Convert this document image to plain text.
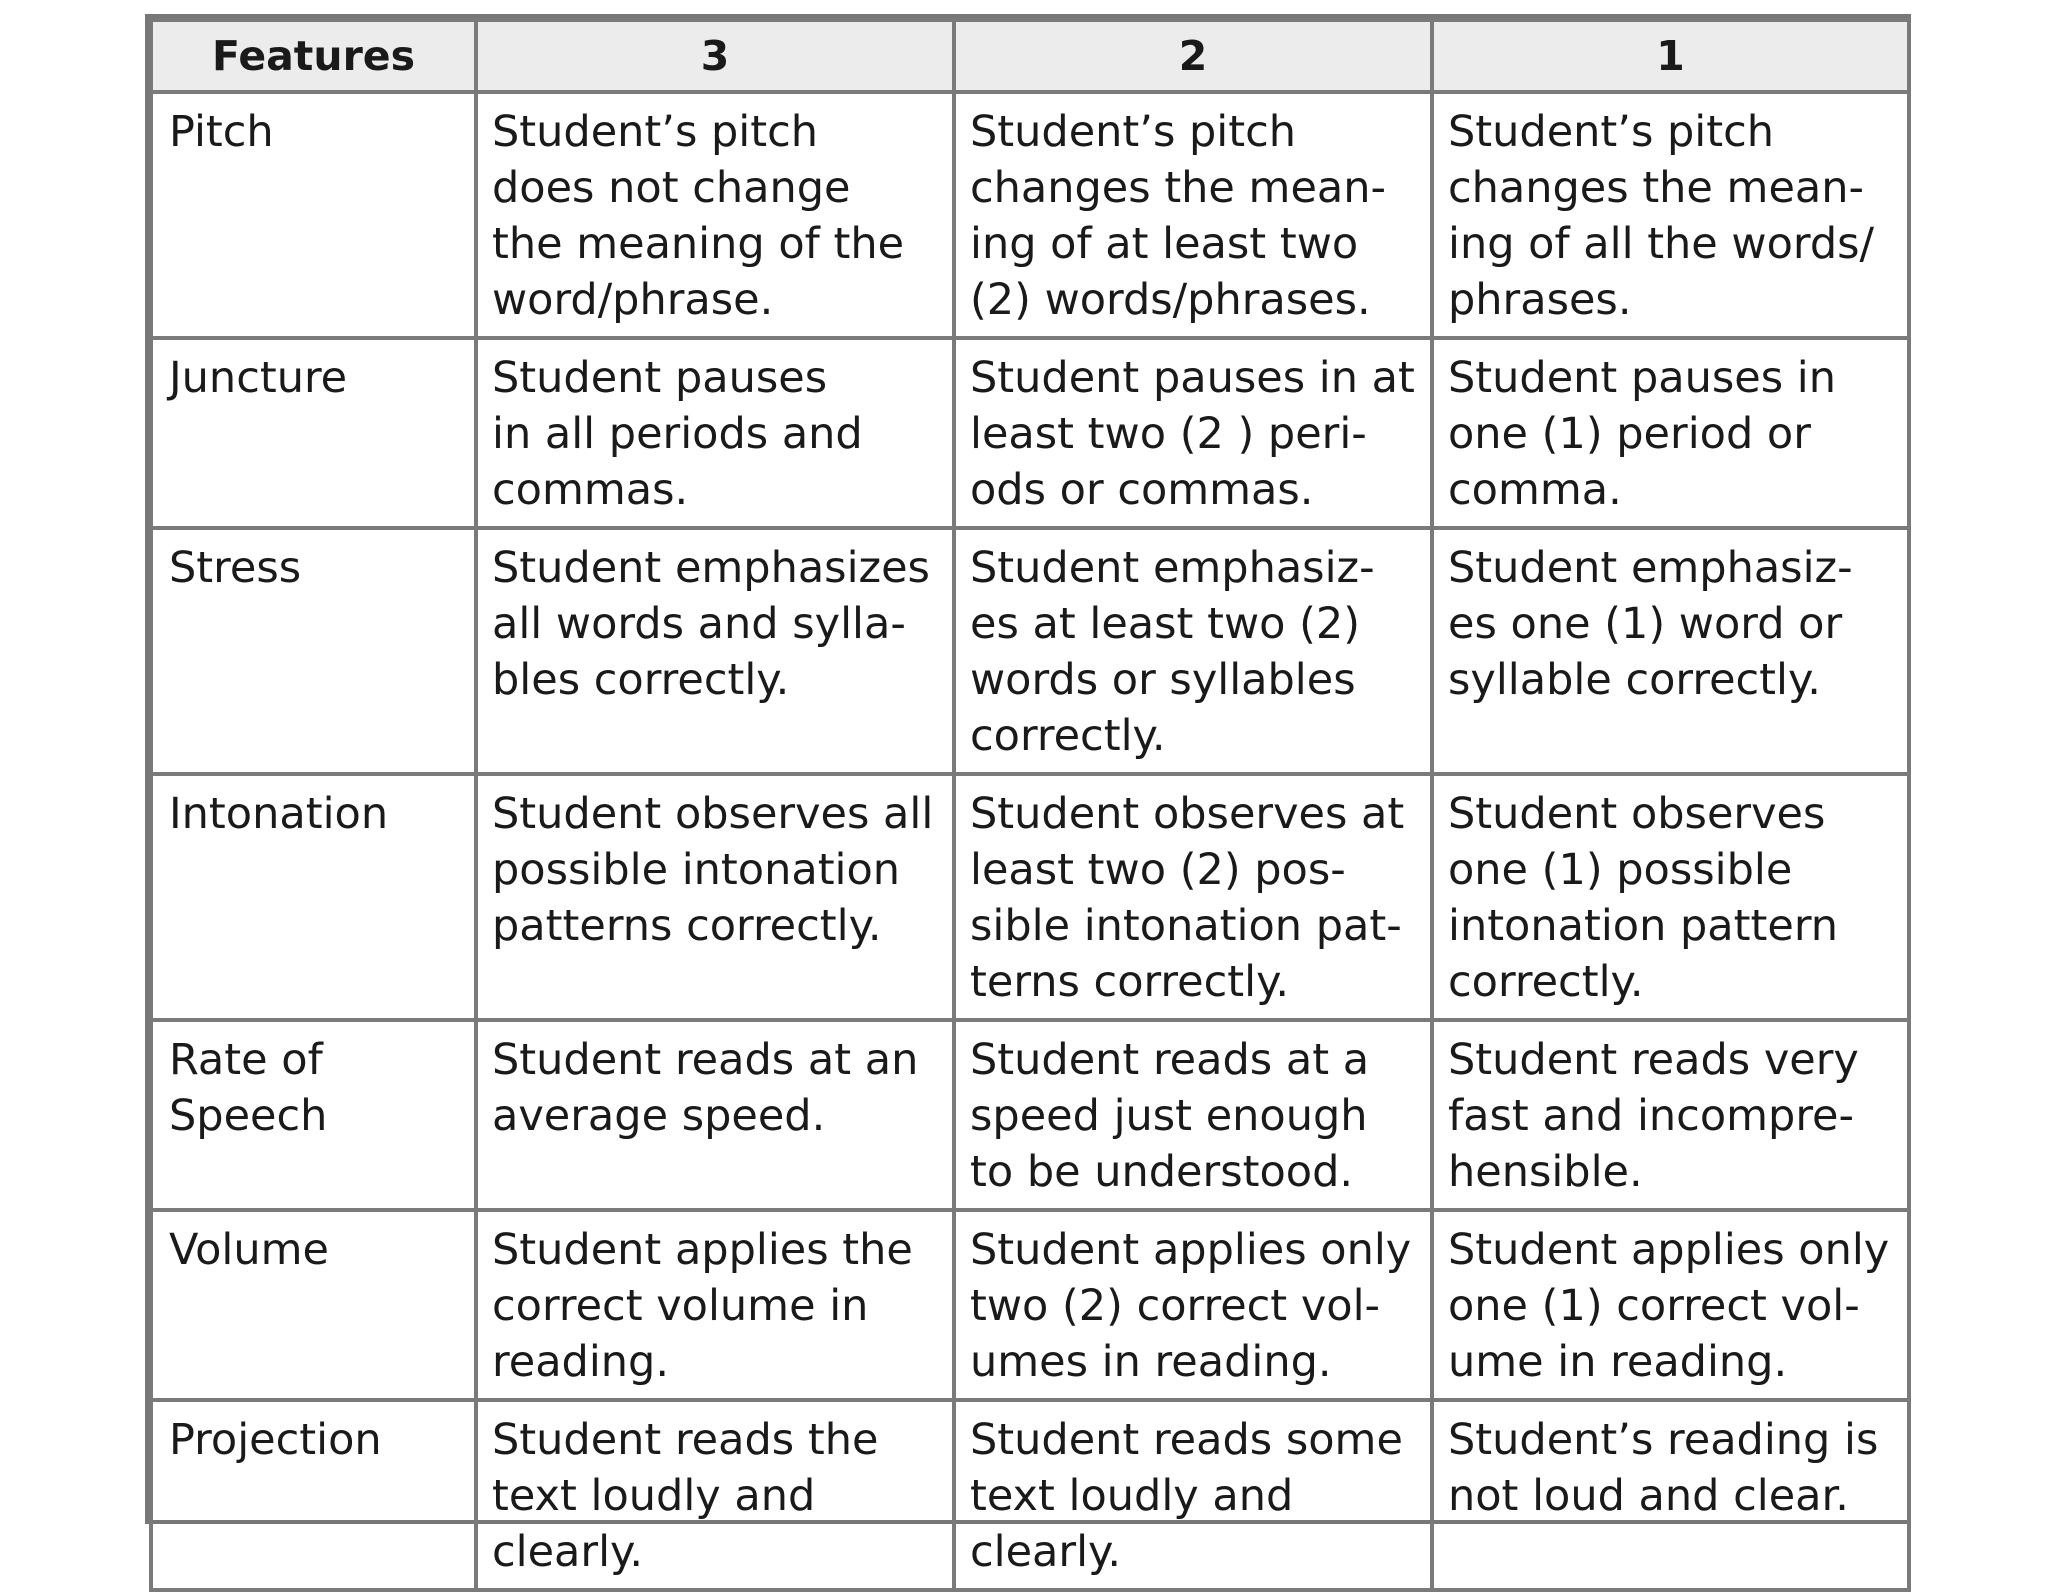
Features	3	2	1

Pitch	Student’s pitch
does not change
the meaning of the
word/phrase.	Student’s pitch
changes the mean-
ing of at least two
(2) words/phrases.	Student’s pitch
changes the mean-
ing of all the words/
phrases.

Juncture	Student pauses
in all periods and
commas.	Student pauses in at
least two (2 ) peri-
ods or commas.	Student pauses in
one (1) period or
comma.

Stress	Student emphasizes
all words and sylla-
bles correctly.	Student emphasiz-
es at least two (2)
words or syllables
correctly.	Student emphasiz-
es one (1) word or
syllable correctly.

Intonation	Student observes all
possible intonation
patterns correctly.	Student observes at
least two (2) pos-
sible intonation pat-
terns correctly.	Student observes
one (1) possible
intonation pattern
correctly.

Rate of
Speech	Student reads at an
average speed.	Student reads at a
speed just enough
to be understood.	Student reads very
fast and incompre-
hensible.

Volume	Student applies the
correct volume in
reading.	Student applies only
two (2) correct vol-
umes in reading.	Student applies only
one (1) correct vol-
ume in reading.

Projection	Student reads the
text loudly and
clearly.	Student reads some
text loudly and
clearly.	Student’s reading is
not loud and clear.
